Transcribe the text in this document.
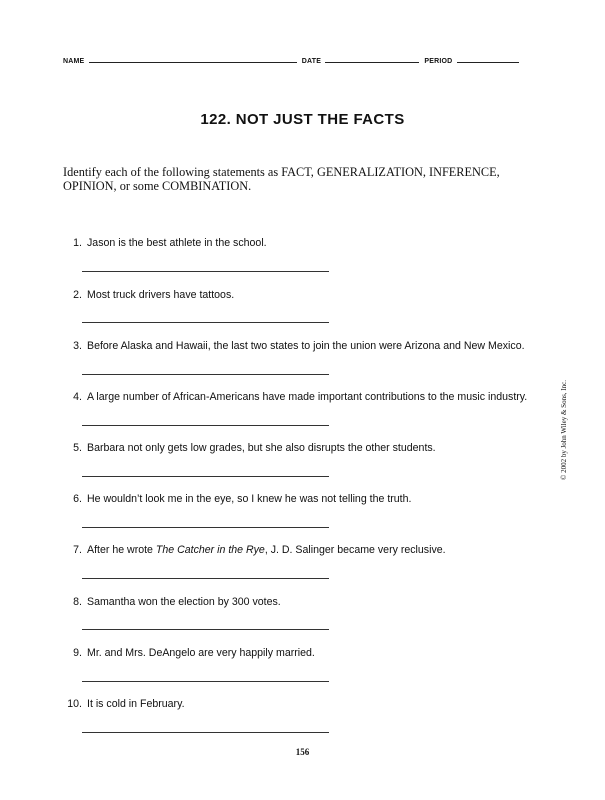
NAME	DATE	PERIOD
122. NOT JUST THE FACTS
Identify each of the following statements as FACT, GENERALIZATION, INFERENCE, OPINION, or some COMBINATION.
1. Jason is the best athlete in the school.
2. Most truck drivers have tattoos.
3. Before Alaska and Hawaii, the last two states to join the union were Arizona and New Mexico.
4. A large number of African-Americans have made important contributions to the music industry.
5. Barbara not only gets low grades, but she also disrupts the other students.
6. He wouldn’t look me in the eye, so I knew he was not telling the truth.
7. After he wrote The Catcher in the Rye, J. D. Salinger became very reclusive.
8. Samantha won the election by 300 votes.
9. Mr. and Mrs. DeAngelo are very happily married.
10. It is cold in February.
© 2002 by John Wiley & Sons, Inc.
156
